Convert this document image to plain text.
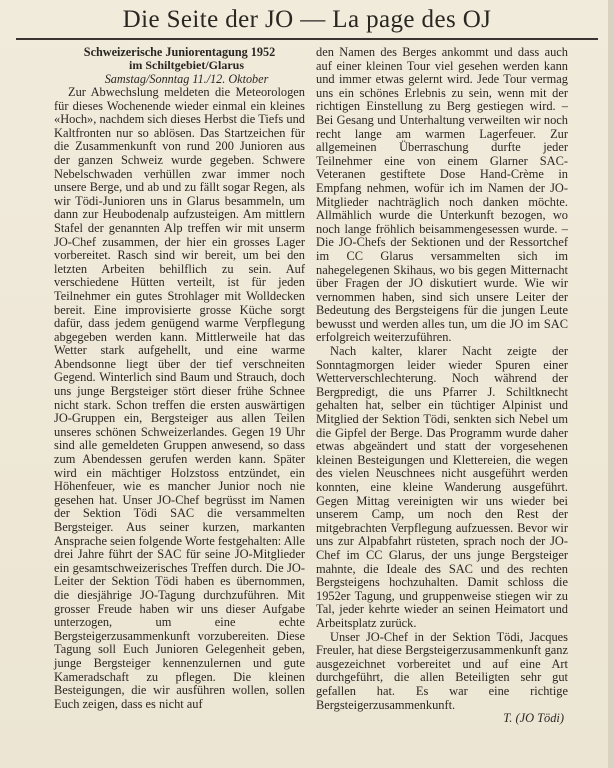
Die Seite der JO — La page des OJ

Schweizerische Juniorentagung 1952

im Schiltgebiet/Glarus

Samstag/Sonntag 11./12. Oktober

Zur Abwechslung meldeten die Meteorologen für dieses Wochenende wieder einmal ein kleines «Hoch», nachdem sich dieses Herbst die Tiefs und Kaltfronten nur so ablösen. Das Startzeichen für die Zusammenkunft von rund 200 Junioren aus der ganzen Schweiz wurde gegeben. Schwere Nebelschwaden verhüllen zwar immer noch unsere Berge, und ab und zu fällt sogar Regen, als wir Tödi-Junioren uns in Glarus besammeln, um dann zur Heubodenalp aufzusteigen. Am mittlern Stafel der genannten Alp treffen wir mit unserm JO-Chef zusammen, der hier ein grosses Lager vorbereitet. Rasch sind wir bereit, um bei den letzten Arbeiten behilflich zu sein. Auf verschiedene Hütten verteilt, ist für jeden Teilnehmer ein gutes Strohlager mit Wolldecken bereit. Eine improvisierte grosse Küche sorgt dafür, dass jedem genügend warme Verpflegung abgegeben werden kann. Mittlerweile hat das Wetter stark aufgehellt, und eine warme Abendsonne liegt über der tief verschneiten Gegend. Winterlich sind Baum und Strauch, doch uns junge Bergsteiger stört dieser frühe Schnee nicht stark. Schon treffen die ersten auswärtigen JO-Gruppen ein, Bergsteiger aus allen Teilen unseres schönen Schweizerlandes. Gegen 19 Uhr sind alle gemeldeten Gruppen anwesend, so dass zum Abendessen gerufen werden kann. Später wird ein mächtiger Holzstoss entzündet, ein Höhenfeuer, wie es mancher Junior noch nie gesehen hat. Unser JO-Chef begrüsst im Namen der Sektion Tödi SAC die versammelten Bergsteiger. Aus seiner kurzen, markanten Ansprache seien folgende Worte festgehalten: Alle drei Jahre führt der SAC für seine JO-Mitglieder ein gesamtschweizerisches Treffen durch. Die JO-Leiter der Sektion Tödi haben es übernommen, die diesjährige JO-Tagung durchzuführen. Mit grosser Freude haben wir uns dieser Aufgabe unterzogen, um eine echte Bergsteigerzusammenkunft vorzubereiten. Diese Tagung soll Euch Junioren Gelegenheit geben, junge Bergsteiger kennenzulernen und gute Kameradschaft zu pflegen. Die kleinen Besteigungen, die wir ausführen wollen, sollen Euch zeigen, dass es nicht auf

den Namen des Berges ankommt und dass auch auf einer kleinen Tour viel gesehen werden kann und immer etwas gelernt wird. Jede Tour vermag uns ein schönes Erlebnis zu sein, wenn mit der richtigen Einstellung zu Berg gestiegen wird. – Bei Gesang und Unterhaltung verweilten wir noch recht lange am warmen Lagerfeuer. Zur allgemeinen Überraschung durfte jeder Teilnehmer eine von einem Glarner SAC-Veteranen gestiftete Dose Hand-Crème in Empfang nehmen, wofür ich im Namen der JO-Mitglieder nachträglich noch danken möchte. Allmählich wurde die Unterkunft bezogen, wo noch lange fröhlich beisammengesessen wurde. – Die JO-Chefs der Sektionen und der Ressortchef im CC Glarus versammelten sich im nahegelegenen Skihaus, wo bis gegen Mitternacht über Fragen der JO diskutiert wurde. Wie wir vernommen haben, sind sich unsere Leiter der Bedeutung des Bergsteigens für die jungen Leute bewusst und werden alles tun, um die JO im SAC erfolgreich weiterzuführen.

Nach kalter, klarer Nacht zeigte der Sonntagmorgen leider wieder Spuren einer Wetterverschlechterung. Noch während der Bergpredigt, die uns Pfarrer J. Schiltknecht gehalten hat, selber ein tüchtiger Alpinist und Mitglied der Sektion Tödi, senkten sich Nebel um die Gipfel der Berge. Das Programm wurde daher etwas abgeändert und statt der vorgesehenen kleinen Besteigungen und Klettereien, die wegen des vielen Neuschnees nicht ausgeführt werden konnten, eine kleine Wanderung ausgeführt. Gegen Mittag vereinigten wir uns wieder bei unserem Camp, um noch den Rest der mitgebrachten Verpflegung aufzuessen. Bevor wir uns zur Alpabfahrt rüsteten, sprach noch der JO-Chef im CC Glarus, der uns junge Bergsteiger mahnte, die Ideale des SAC und des rechten Bergsteigens hochzuhalten. Damit schloss die 1952er Tagung, und gruppenweise stiegen wir zu Tal, jeder kehrte wieder an seinen Heimatort und Arbeitsplatz zurück.

Unser JO-Chef in der Sektion Tödi, Jacques Freuler, hat diese Bergsteigerzusammenkunft ganz ausgezeichnet vorbereitet und auf eine Art durchgeführt, die allen Beteiligten sehr gut gefallen hat. Es war eine richtige Bergsteigerzusammenkunft.

T. (JO Tödi)
